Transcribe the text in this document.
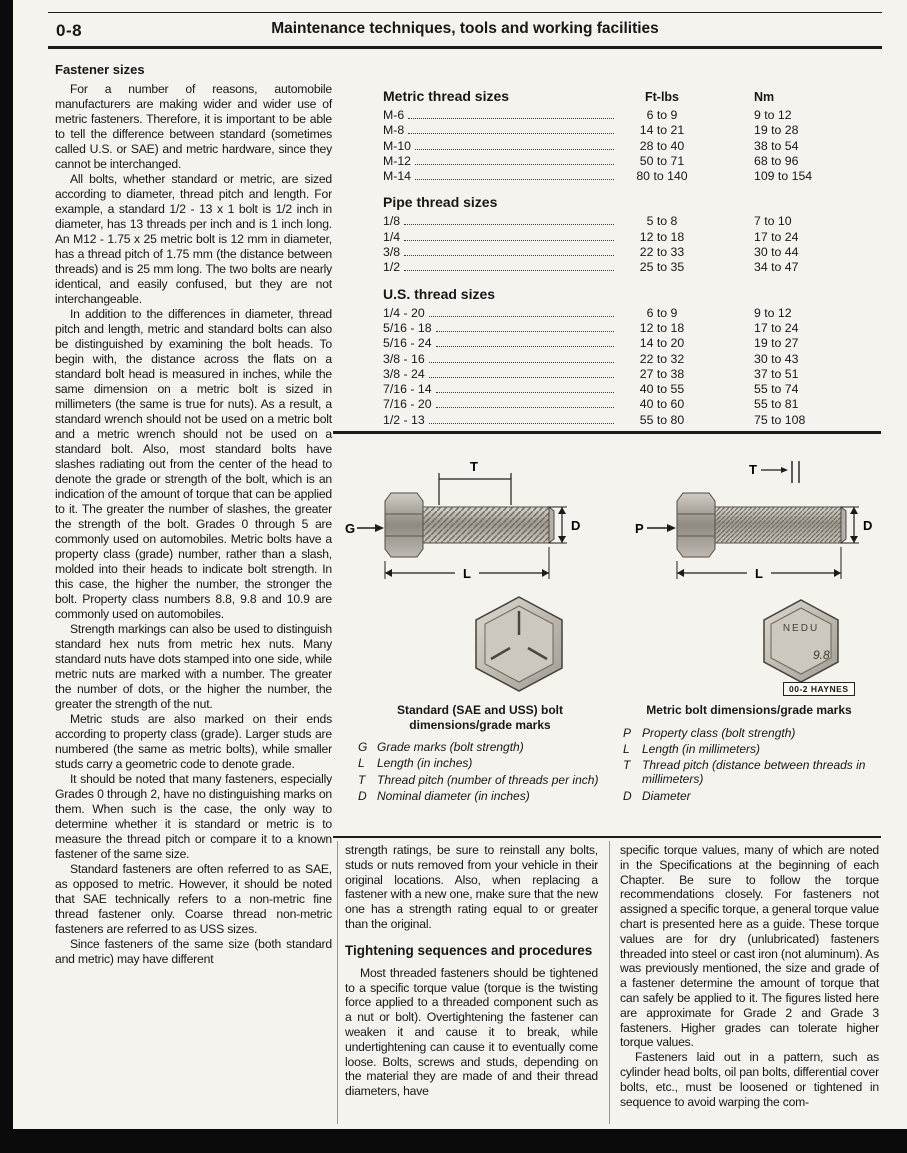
0-8	Maintenance techniques, tools and working facilities
Fastener sizes

For a number of reasons, automobile manufacturers are making wider and wider use of metric fasteners. Therefore, it is important to be able to tell the difference between standard (sometimes called U.S. or SAE) and metric hardware, since they cannot be interchanged.

All bolts, whether standard or metric, are sized according to diameter, thread pitch and length. For example, a standard 1/2 - 13 x 1 bolt is 1/2 inch in diameter, has 13 threads per inch and is 1 inch long. An M12 - 1.75 x 25 metric bolt is 12 mm in diameter, has a thread pitch of 1.75 mm (the distance between threads) and is 25 mm long. The two bolts are nearly identical, and easily confused, but they are not interchangeable.

In addition to the differences in diameter, thread pitch and length, metric and standard bolts can also be distinguished by examining the bolt heads. To begin with, the distance across the flats on a standard bolt head is measured in inches, while the same dimension on a metric bolt is sized in millimeters (the same is true for nuts). As a result, a standard wrench should not be used on a metric bolt and a metric wrench should not be used on a standard bolt. Also, most standard bolts have slashes radiating out from the center of the head to denote the grade or strength of the bolt, which is an indication of the amount of torque that can be applied to it. The greater the number of slashes, the greater the strength of the bolt. Grades 0 through 5 are commonly used on automobiles. Metric bolts have a property class (grade) number, rather than a slash, molded into their heads to indicate bolt strength. In this case, the higher the number, the stronger the bolt. Property class numbers 8.8, 9.8 and 10.9 are commonly used on automobiles.

Strength markings can also be used to distinguish standard hex nuts from metric hex nuts. Many standard nuts have dots stamped into one side, while metric nuts are marked with a number. The greater the number of dots, or the higher the number, the greater the strength of the nut.

Metric studs are also marked on their ends according to property class (grade). Larger studs are numbered (the same as metric bolts), while smaller studs carry a geometric code to denote grade.

It should be noted that many fasteners, especially Grades 0 through 2, have no distinguishing marks on them. When such is the case, the only way to determine whether it is standard or metric is to measure the thread pitch or compare it to a known fastener of the same size.

Standard fasteners are often referred to as SAE, as opposed to metric. However, it should be noted that SAE technically refers to a non-metric fine thread fastener only. Coarse thread non-metric fasteners are referred to as USS sizes.

Since fasteners of the same size (both standard and metric) may have different

Metric thread sizes	Ft-lbs	Nm
M-6	6 to 9	9 to 12
M-8	14 to 21	19 to 28
M-10	28 to 40	38 to 54
M-12	50 to 71	68 to 96
M-14	80 to 140	109 to 154
Pipe thread sizes
1/8	5 to 8	7 to 10
1/4	12 to 18	17 to 24
3/8	22 to 33	30 to 44
1/2	25 to 35	34 to 47
U.S. thread sizes
1/4 - 20	6 to 9	9 to 12
5/16 - 18	12 to 18	17 to 24
5/16 - 24	14 to 20	19 to 27
3/8 - 16	22 to 32	30 to 43
3/8 - 24	27 to 38	37 to 51
7/16 - 14	40 to 55	55 to 74
7/16 - 20	40 to 60	55 to 81
1/2 - 13	55 to 80	75 to 108
G
T
D
L
P
T
D
L
NEDU
9.8
00-2 HAYNES
Standard (SAE and USS) bolt
dimensions/grade marks
G Grade marks (bolt strength)
L	Length (in inches)
T Thread pitch (number of threads per inch)
D Nominal diameter (in inches)
Metric bolt dimensions/grade marks
P Property class (bolt strength)
L	Length (in millimeters)
T Thread pitch (distance between threads in millimeters)
D Diameter

strength ratings, be sure to reinstall any bolts, studs or nuts removed from your vehicle in their original locations. Also, when replacing a fastener with a new one, make sure that the new one has a strength rating equal to or greater than the original.

Tightening sequences and procedures

Most threaded fasteners should be tightened to a specific torque value (torque is the twisting force applied to a threaded component such as a nut or bolt). Overtightening the fastener can weaken it and cause it to break, while undertightening can cause it to eventually come loose. Bolts, screws and studs, depending on the material they are made of and their thread diameters, have

specific torque values, many of which are noted in the Specifications at the beginning of each Chapter. Be sure to follow the torque recommendations closely. For fasteners not assigned a specific torque, a general torque value chart is presented here as a guide. These torque values are for dry (unlubricated) fasteners threaded into steel or cast iron (not aluminum). As was previously mentioned, the size and grade of a fastener determine the amount of torque that can safely be applied to it. The figures listed here are approximate for Grade 2 and Grade 3 fasteners. Higher grades can tolerate higher torque values.

Fasteners laid out in a pattern, such as cylinder head bolts, oil pan bolts, differential cover bolts, etc., must be loosened or tightened in sequence to avoid warping the com-
